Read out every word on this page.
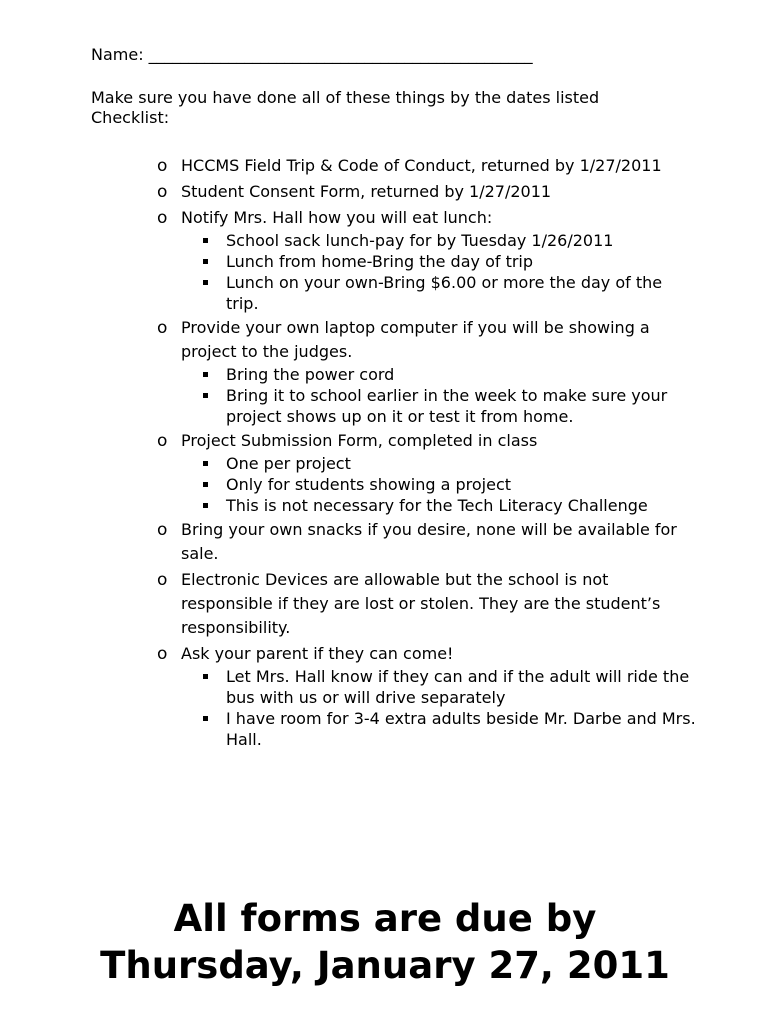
Name: ________________________________________________
Make sure you have done all of these things by the dates listed
Checklist:
o HCCMS Field Trip & Code of Conduct, returned by 1/27/2011
o Student Consent Form, returned by 1/27/2011
o Notify Mrs. Hall how you will eat lunch:
School sack lunch-pay for by Tuesday 1/26/2011
Lunch from home-Bring the day of trip
Lunch on your own-Bring $6.00 or more the day of the trip.
o Provide your own laptop computer if you will be showing a project to the judges.
Bring the power cord
Bring it to school earlier in the week to make sure your project shows up on it or test it from home.
o Project Submission Form, completed in class
One per project
Only for students showing a project
This is not necessary for the Tech Literacy Challenge
o Bring your own snacks if you desire, none will be available for sale.
o Electronic Devices are allowable but the school is not responsible if they are lost or stolen. They are the student’s responsibility.
o Ask your parent if they can come!
Let Mrs. Hall know if they can and if the adult will ride the bus with us or will drive separately
I have room for 3-4 extra adults beside Mr. Darbe and Mrs. Hall.
All forms are due by
Thursday, January 27, 2011
